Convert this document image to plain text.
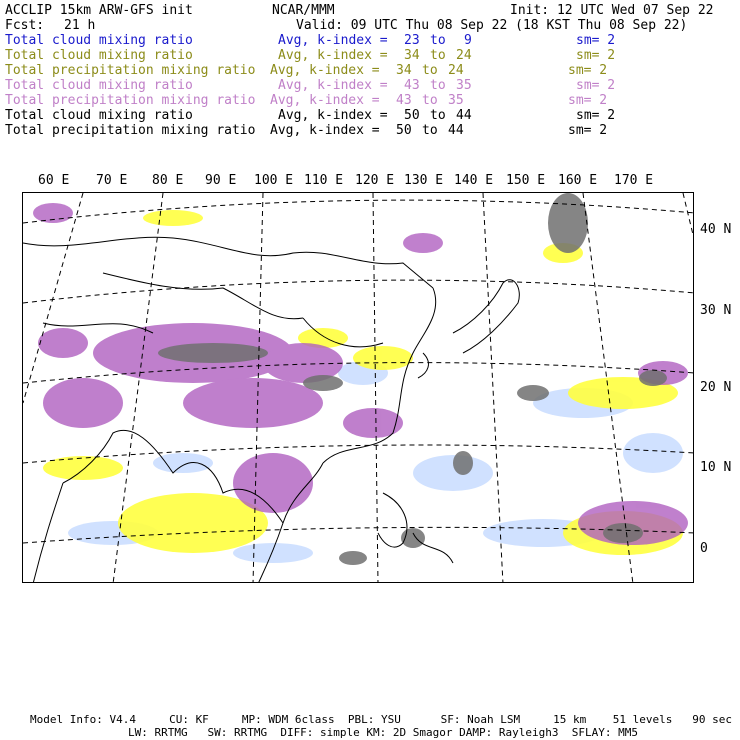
ACCLIP 15km ARW-GFS init	NCAR/MMM	Init: 12 UTC Wed 07 Sep 22
Fcst: 21 h	Valid: 09 UTC Thu 08 Sep 22 (18 KST Thu 08 Sep 22)
Total cloud mixing ratio	Avg, k-index = 23 to 9	sm= 2
Total cloud mixing ratio	Avg, k-index = 34 to 24	sm= 2
Total precipitation mixing ratio Avg, k-index = 34 to 24	sm= 2
Total cloud mixing ratio	Avg, k-index = 43 to 35	sm= 2
Total precipitation mixing ratio Avg, k-index = 43 to 35	sm= 2
Total cloud mixing ratio	Avg, k-index = 50 to 44	sm= 2
Total precipitation mixing ratio Avg, k-index = 50 to 44	sm= 2
60 E 70 E 80 E 90 E 100 E 110 E 120 E 130 E 140 E 150 E 160 E 170 E
40 N
30 N
20 N
10 N
0
Model Info: V4.4     CU: KF     MP: WDM 6class  PBL: YSU      SF: Noah LSM     15 km    51 levels   90 sec
LW: RRTMG   SW: RRTMG  DIFF: simple KM: 2D Smagor DAMP: Rayleigh3  SFLAY: MM5
